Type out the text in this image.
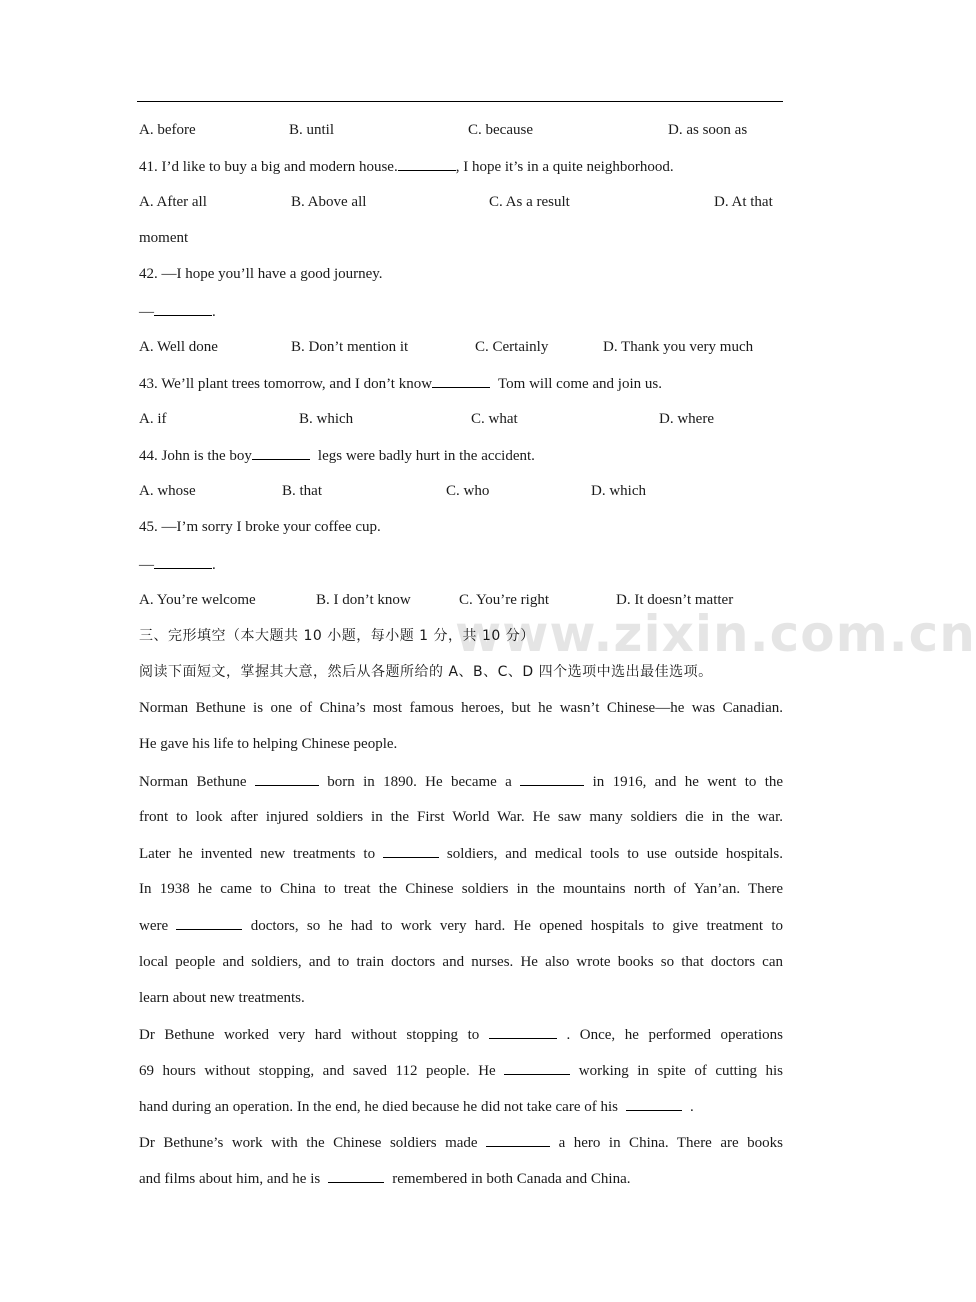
A. before	B. until	C. because	D. as soon as
41. I’d like to buy a big and modern house.	, I hope it’s in a quite neighborhood.
A. After all	B. Above all	C. As a result	D. At that
moment
42. —I hope you’ll have a good journey.
—	.
A. Well done	B. Don’t mention it	C. Certainly	D. Thank you very much
43. We’ll plant trees tomorrow, and I don’t know	Tom will come and join us.
A. if	B. which	C. what	D. where
44. John is the boy	legs were badly hurt in the accident.
A. whose	B. that	C. who	D. which
45. —I’m sorry I broke your coffee cup.
—	.
A. You’re welcome	B. I don’t know	C. You’re right	D. It doesn’t matter
三、完形填空（本大题共 10 小题，每小题 1 分，共 10 分）
阅读下面短文，掌握其大意，然后从各题所给的 A、B、C、D 四个选项中选出最佳选项。
Norman Bethune is one of China’s most famous heroes, but he wasn’t Chinese—he was Canadian.
He gave his life to helping Chinese people.
Norman Bethune	born in 1890. He became a	in 1916, and he went to the
front to look after injured soldiers in the First World War. He saw many soldiers die in the war.
Later he invented new treatments to	soldiers, and medical tools to use outside hospitals.
In 1938 he came to China to treat the Chinese soldiers in the mountains north of Yan’an. There
were	doctors, so he had to work very hard. He opened hospitals to give treatment to
local people and soldiers, and to train doctors and nurses. He also wrote books so that doctors can
learn about new treatments.
Dr Bethune worked very hard without stopping to	. Once, he performed operations
69 hours without stopping, and saved 112 people. He	working in spite of cutting his
hand during an operation. In the end, he died because he did not take care of his	.
Dr Bethune’s work with the Chinese soldiers made	a hero in China. There are books
and films about him, and he is	remembered in both Canada and China.
www.zixin.com.cn
